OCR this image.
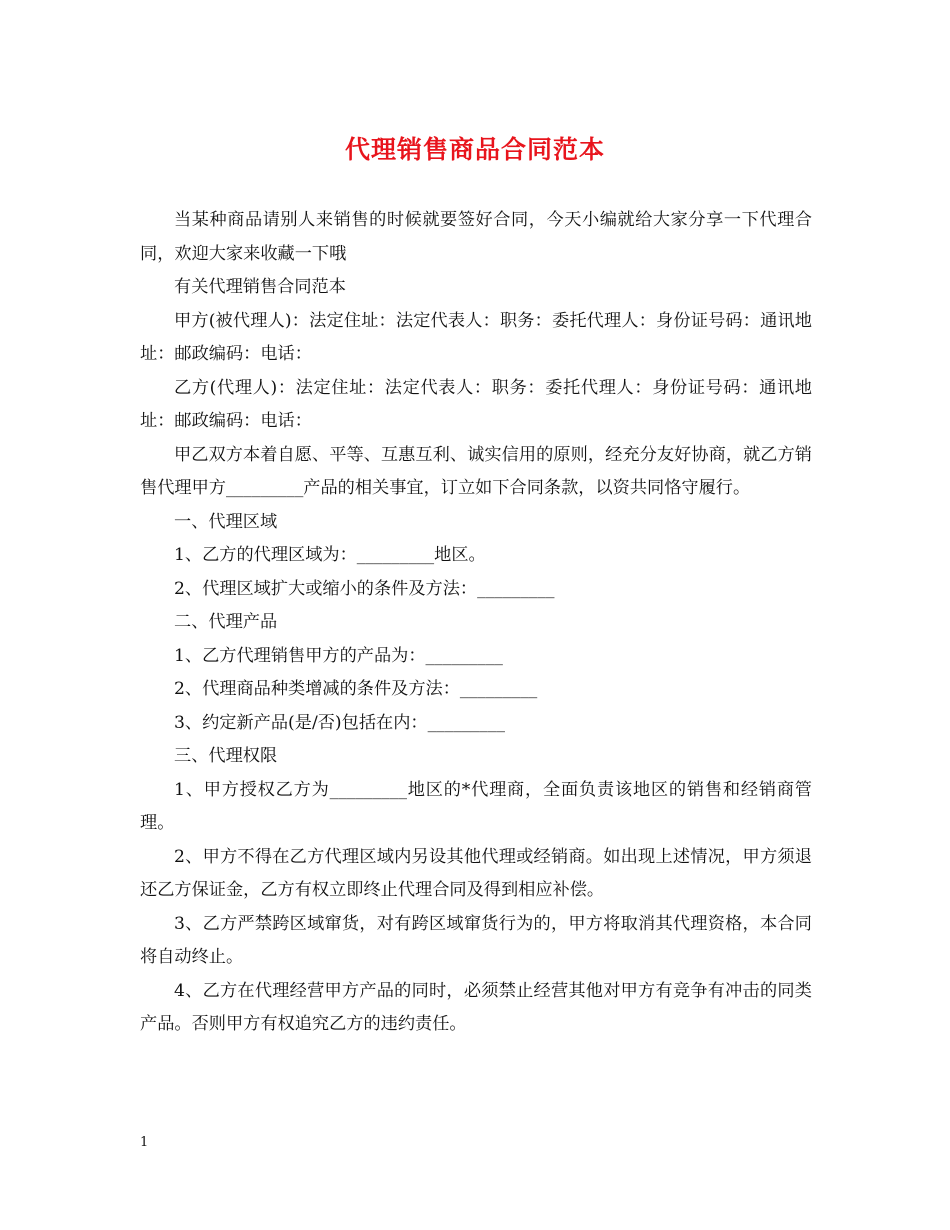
代理销售商品合同范本

当某种商品请别人来销售的时候就要签好合同，今天小编就给大家分享一下代理合同，欢迎大家来收藏一下哦

有关代理销售合同范本

甲方(被代理人)：法定住址：法定代表人：职务：委托代理人：身份证号码：通讯地址：邮政编码：电话：

乙方(代理人)：法定住址：法定代表人：职务：委托代理人：身份证号码：通讯地址：邮政编码：电话：

甲乙双方本着自愿、平等、互惠互利、诚实信用的原则，经充分友好协商，就乙方销售代理甲方_________产品的相关事宜，订立如下合同条款，以资共同恪守履行。

一、代理区域

1、乙方的代理区域为：_________地区。

2、代理区域扩大或缩小的条件及方法：_________

二、代理产品

1、乙方代理销售甲方的产品为：_________

2、代理商品种类增减的条件及方法：_________

3、约定新产品(是/否)包括在内：_________

三、代理权限

1、甲方授权乙方为_________地区的*代理商，全面负责该地区的销售和经销商管理。

2、甲方不得在乙方代理区域内另设其他代理或经销商。如出现上述情况，甲方须退还乙方保证金，乙方有权立即终止代理合同及得到相应补偿。

3、乙方严禁跨区域窜货，对有跨区域窜货行为的，甲方将取消其代理资格，本合同将自动终止。

4、乙方在代理经营甲方产品的同时，必须禁止经营其他对甲方有竞争有冲击的同类产品。否则甲方有权追究乙方的违约责任。

1
